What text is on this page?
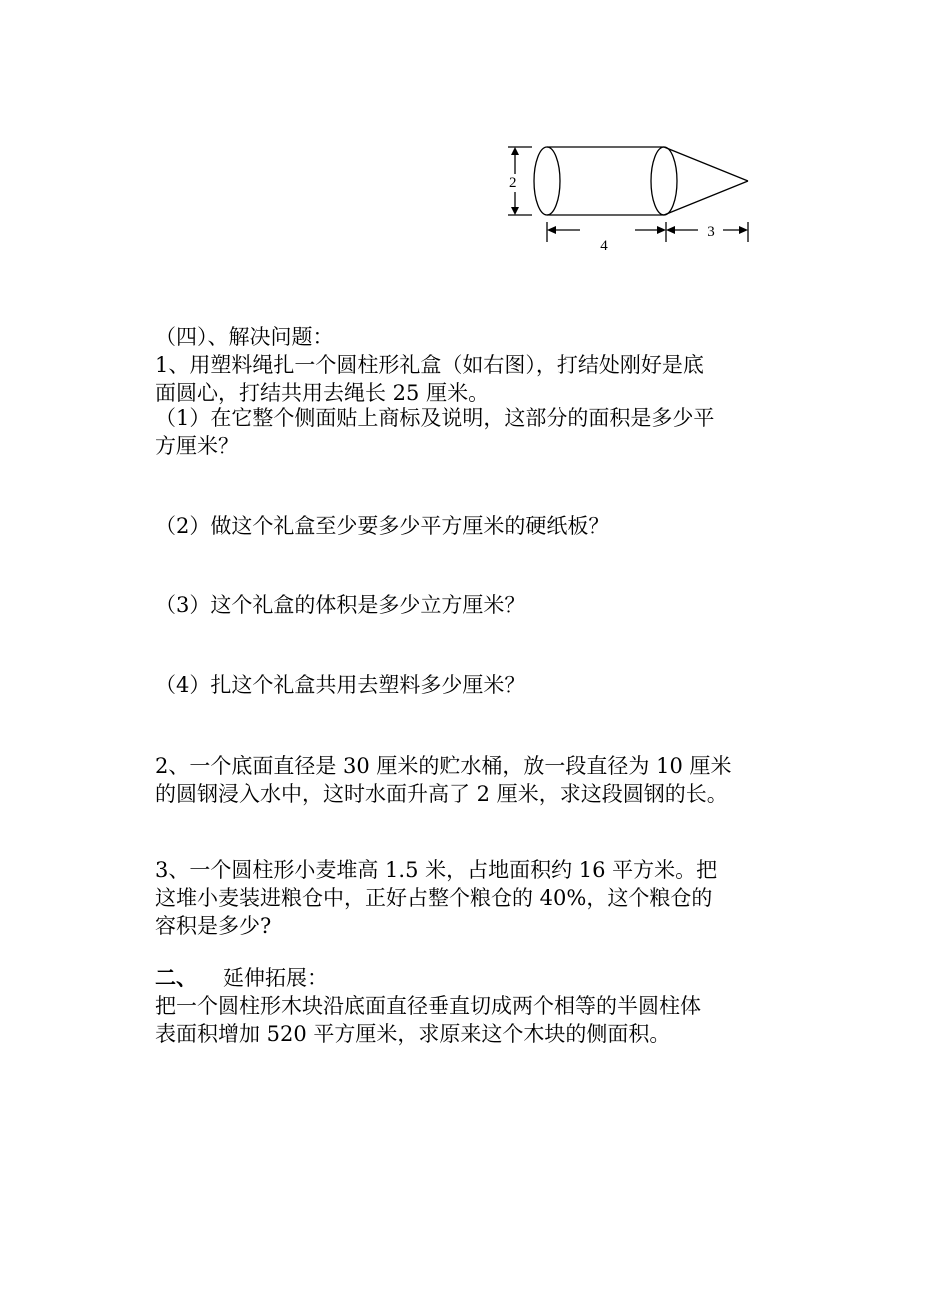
2
4
3

（四）、解决问题：

1、用塑料绳扎一个圆柱形礼盒（如右图），打结处刚好是底
面圆心，打结共用去绳长 25 厘米。

（1）在它整个侧面贴上商标及说明，这部分的面积是多少平
方厘米？

（2）做这个礼盒至少要多少平方厘米的硬纸板？

（3）这个礼盒的体积是多少立方厘米？

（4）扎这个礼盒共用去塑料多少厘米？

2、一个底面直径是 30 厘米的贮水桶，放一段直径为 10 厘米
的圆钢浸入水中，这时水面升高了 2 厘米，求这段圆钢的长。

3、一个圆柱形小麦堆高 1.5 米，占地面积约 16 平方米。把
这堆小麦装进粮仓中，正好占整个粮仓的 40%，这个粮仓的
容积是多少?

二、 延伸拓展：

把一个圆柱形木块沿底面直径垂直切成两个相等的半圆柱体
表面积增加 520 平方厘米，求原来这个木块的侧面积。
